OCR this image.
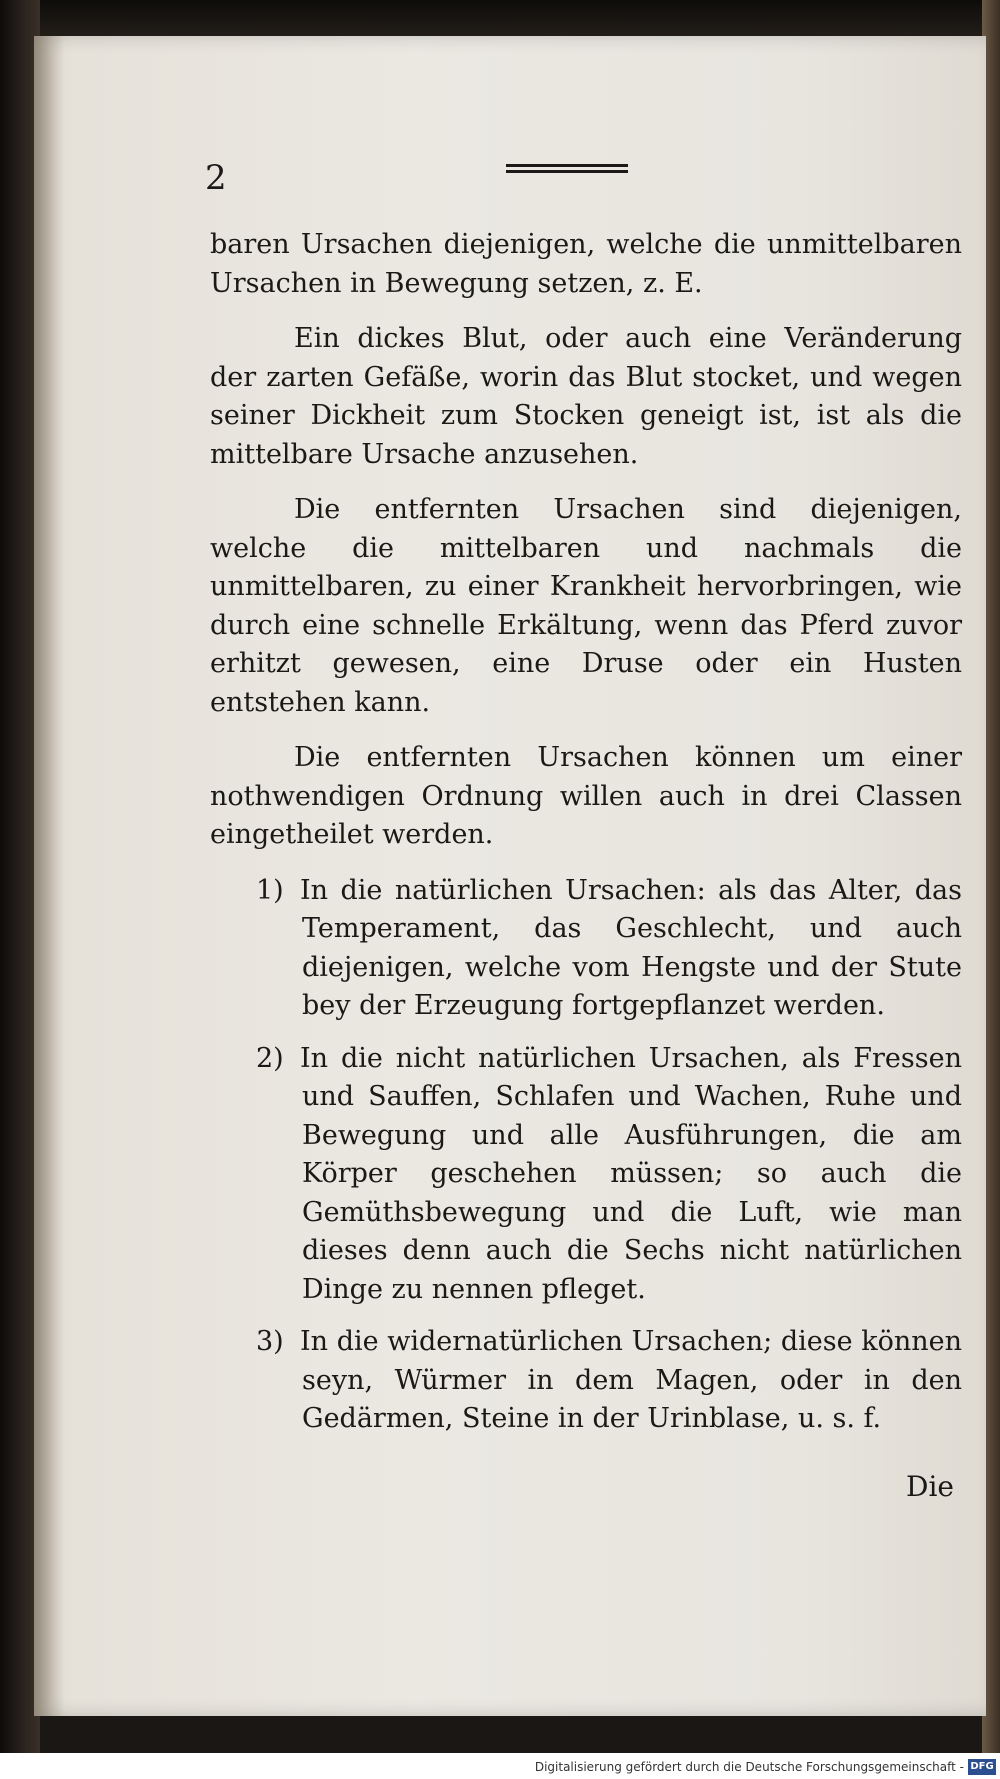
2

baren Ursachen diejenigen, welche die unmittelbaren Ursachen in Bewegung setzen, z. E.

Ein dickes Blut, oder auch eine Veränderung der zarten Gefäße, worin das Blut stocket, und wegen seiner Dickheit zum Stocken geneigt ist, ist als die mittelbare Ursache anzusehen.

Die entfernten Ursachen sind diejenigen, welche die mittelbaren und nachmals die unmittelbaren, zu einer Krankheit hervorbringen, wie durch eine schnelle Erkältung, wenn das Pferd zuvor erhitzt gewesen, eine Druse oder ein Husten entstehen kann.

Die entfernten Ursachen können um einer nothwendigen Ordnung willen auch in drei Classen eingetheilet werden.

1) In die natürlichen Ursachen: als das Alter, das Temperament, das Geschlecht, und auch diejenigen, welche vom Hengste und der Stute bey der Erzeugung fortgepflanzet werden.

2) In die nicht natürlichen Ursachen, als Fressen und Sauffen, Schlafen und Wachen, Ruhe und Bewegung und alle Ausführungen, die am Körper geschehen müssen; so auch die Gemüthsbewegung und die Luft, wie man dieses denn auch die Sechs nicht natürlichen Dinge zu nennen pfleget.

3) In die widernatürlichen Ursachen; diese können seyn, Würmer in dem Magen, oder in den Gedärmen, Steine in der Urinblase, u. s. f.

Die
Digitalisierung gefördert durch die Deutsche Forschungsgemeinschaft - DFG
